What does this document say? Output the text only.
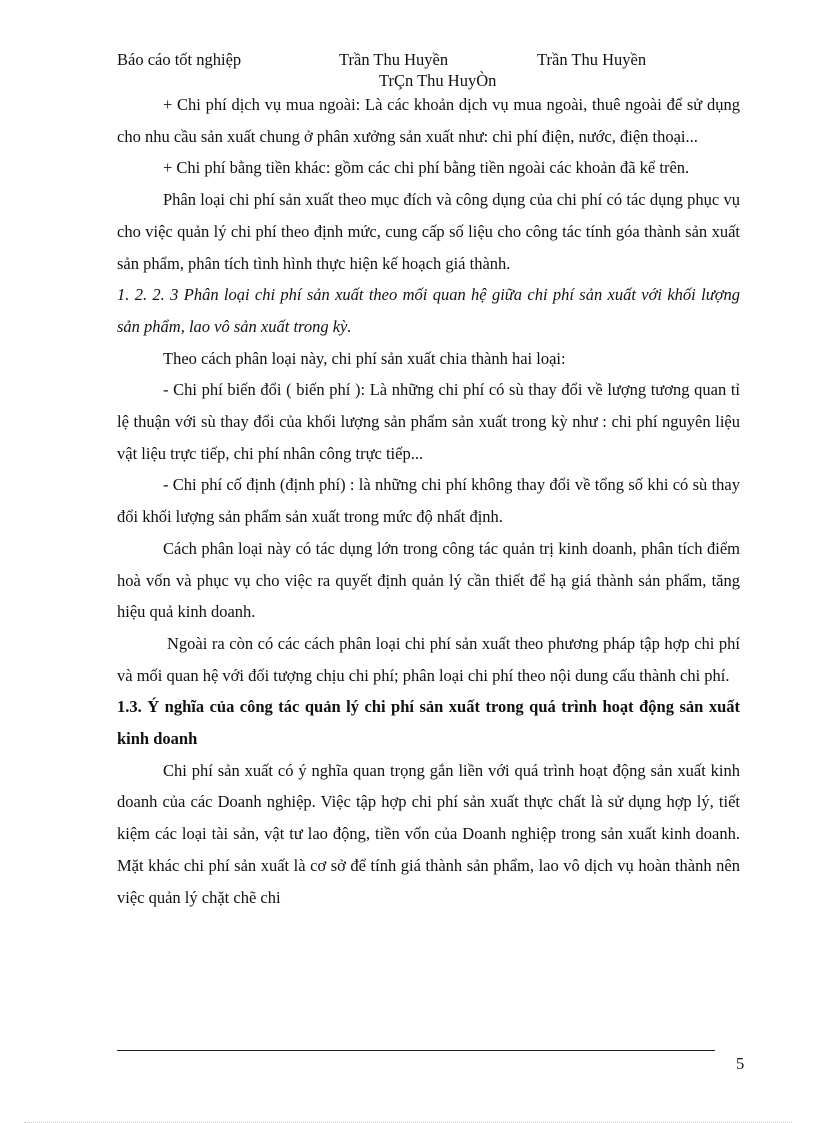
Báo cáo tốt nghiệp	Trần Thu Huyền	Trần Thu Huyền
TrÇn Thu HuyÒn

+ Chi phí dịch vụ mua ngoài: Là các khoản dịch vụ mua ngoài, thuê ngoài để sử dụng cho nhu cầu sản xuất chung ở phân xưởng sản xuất như: chi phí điện, nước, điện thoại...

+ Chi phí bằng tiền khác: gồm các chi phí bằng tiền ngoài các khoản đã kể trên.

Phân loại chi phí sản xuất theo mục đích và công dụng của chi phí có tác dụng phục vụ cho việc quản lý chi phí theo định mức, cung cấp số liệu cho công tác tính góa thành sản xuất sản phẩm, phân tích tình hình thực hiện kế hoạch giá thành.

1. 2. 2. 3 Phân loại chi phí sản xuất theo mối quan hệ giữa chi phí sản xuất với khối lượng sản phẩm, lao vô sản xuất trong kỳ.

Theo cách phân loại này, chi phí sản xuất chia thành hai loại:

- Chi phí biến đổi ( biến phí ): Là những chi phí có sù thay đổi về lượng tương quan tỉ lệ thuận với sù thay đổi của khối lượng sản phẩm sản xuất trong kỳ như : chi phí nguyên liệu vật liệu trực tiếp, chi phí nhân công trực tiếp...

- Chi phí cố định (định phí) : là những chi phí không thay đổi về tổng số khi có sù thay đổi khối lượng sản phẩm sản xuất trong mức độ nhất định.

Cách phân loại này có tác dụng lớn trong công tác quản trị kinh doanh, phân tích điểm hoà vốn và phục vụ cho việc ra quyết định quản lý cần thiết để hạ giá thành sản phẩm, tăng hiệu quả kinh doanh.

Ngoài ra còn có các cách phân loại chi phí sản xuất theo phương pháp tập hợp chi phí và mối quan hệ với đối tượng chịu chi phí; phân loại chi phí theo nội dung cấu thành chi phí.

1.3. Ý nghĩa của công tác quản lý chi phí sản xuất trong quá trình hoạt động sản xuất kinh doanh

Chi phí sản xuất có ý nghĩa quan trọng gắn liền với quá trình hoạt động sản xuất kinh doanh của các Doanh nghiệp. Việc tập hợp chi phí sản xuất thực chất là sử dụng hợp lý, tiết kiệm các loại tài sản, vật tư lao động, tiền vốn của Doanh nghiệp trong sản xuất kinh doanh. Mặt khác chi phí sản xuất là cơ sở để tính giá thành sản phẩm, lao vô dịch vụ hoàn thành nên việc quản lý chặt chẽ chi

5
